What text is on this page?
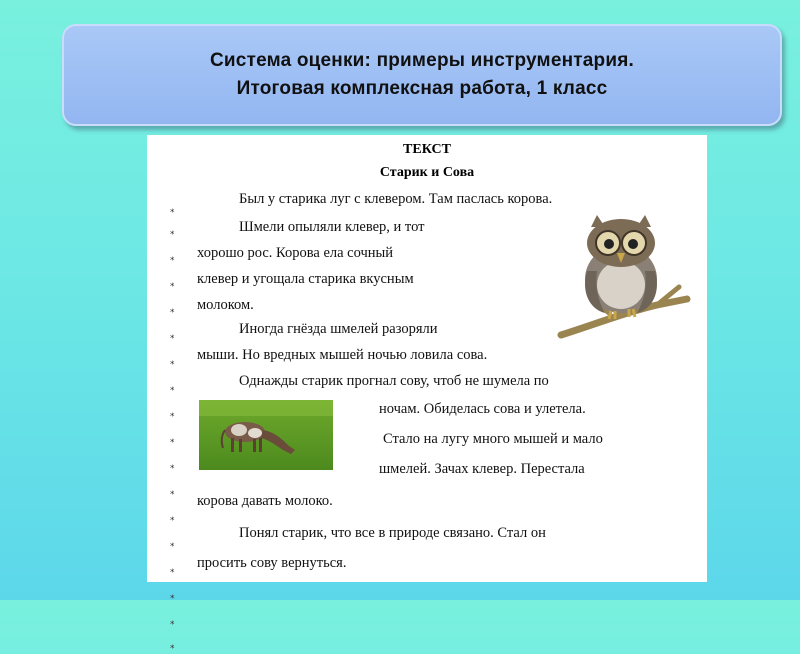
Система оценки: примеры инструментария.
Итоговая комплексная работа, 1 класс
ТЕКСТ
Старик и Сова
Был у старика луг с клевером. Там паслась корова.
Шмели опыляли клевер, и тот
хорошо рос. Корова ела сочный
клевер и угощала старика вкусным
молоком.
Иногда гнёзда шмелей разоряли
мыши. Но вредных мышей ночью ловила сова.
Однажды старик прогнал сову, чтоб не шумела по
ночам. Обиделась сова и улетела.
Стало на лугу много мышей и мало
шмелей. Зачах клевер. Перестала
корова давать молоко.
Понял старик, что все в природе связано. Стал он
просить сову вернуться.
*
*
*
*
*
*
*
*
*
*
*
*
*
*
*
*
*
*
